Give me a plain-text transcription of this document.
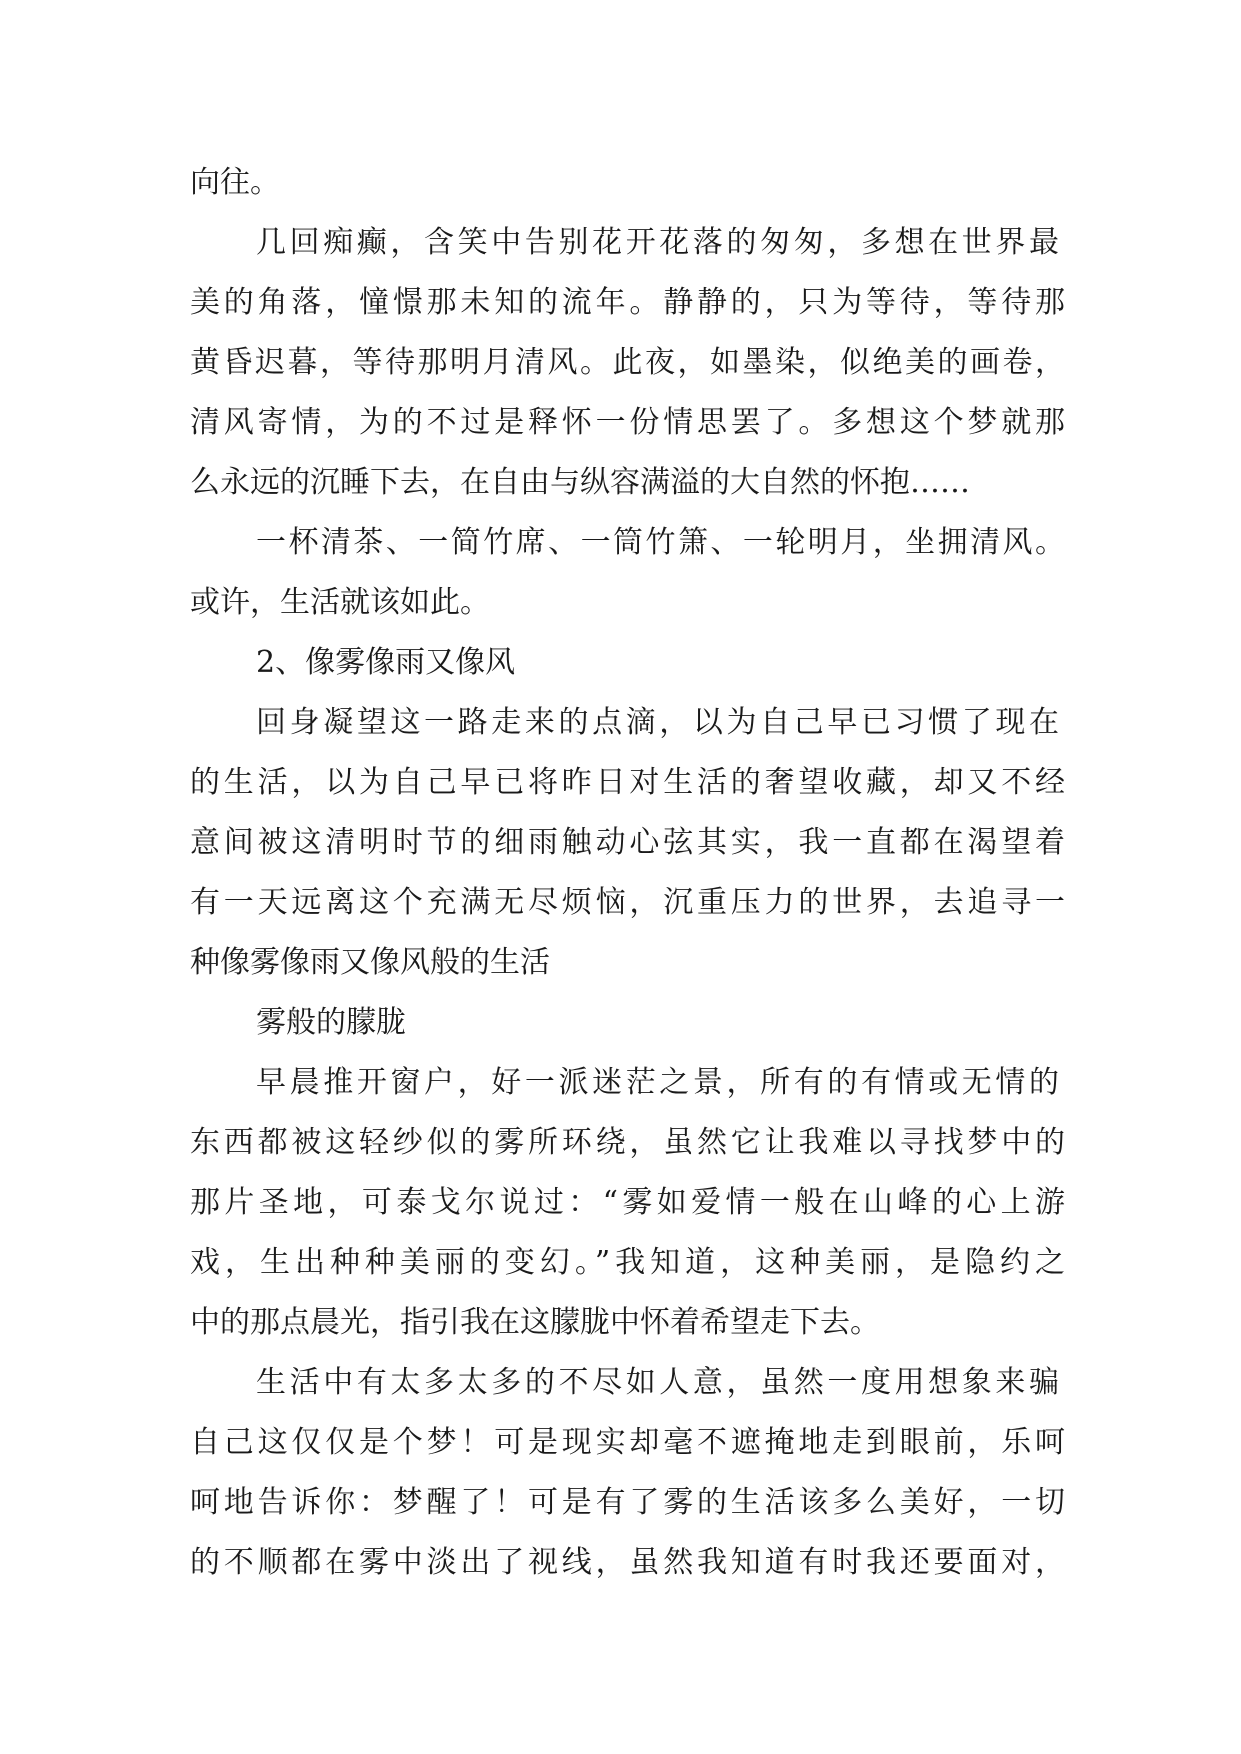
向往。
几回痴癫，含笑中告别花开花落的匆匆，多想在世界最
美的角落，憧憬那未知的流年。静静的，只为等待，等待那
黄昏迟暮，等待那明月清风。此夜，如墨染，似绝美的画卷，
清风寄情，为的不过是释怀一份情思罢了。多想这个梦就那
么永远的沉睡下去，在自由与纵容满溢的大自然的怀抱……
一杯清茶、一简竹席、一筒竹箫、一轮明月，坐拥清风。
或许，生活就该如此。
2、像雾像雨又像风
回身凝望这一路走来的点滴，以为自己早已习惯了现在
的生活，以为自己早已将昨日对生活的奢望收藏，却又不经
意间被这清明时节的细雨触动心弦其实，我一直都在渴望着
有一天远离这个充满无尽烦恼，沉重压力的世界，去追寻一
种像雾像雨又像风般的生活
雾般的朦胧
早晨推开窗户，好一派迷茫之景，所有的有情或无情的
东西都被这轻纱似的雾所环绕，虽然它让我难以寻找梦中的
那片圣地，可泰戈尔说过：“雾如爱情一般在山峰的心上游
戏，生出种种美丽的变幻。”我知道，这种美丽，是隐约之
中的那点晨光，指引我在这朦胧中怀着希望走下去。
生活中有太多太多的不尽如人意，虽然一度用想象来骗
自己这仅仅是个梦！可是现实却毫不遮掩地走到眼前，乐呵
呵地告诉你：梦醒了！可是有了雾的生活该多么美好，一切
的不顺都在雾中淡出了视线，虽然我知道有时我还要面对，
